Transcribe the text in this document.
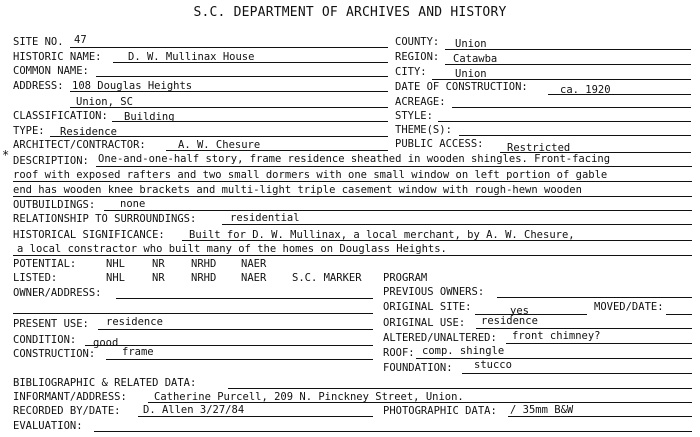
S.C. DEPARTMENT OF ARCHIVES AND HISTORY
SITE NO. 47
HISTORIC NAME:	D. W. Mullinax House
COMMON NAME:
ADDRESS: 108 Douglas Heights
Union, SC
CLASSIFICATION: Building
TYPE: Residence
ARCHITECT/CONTRACTOR:	A. W. Chesure
COUNTY: Union
REGION: Catawba
CITY:	Union
DATE OF CONSTRUCTION:	ca. 1920
ACREAGE:
STYLE:
THEME(S):
PUBLIC ACCESS: Restricted
* DESCRIPTION: One-and-one-half story, frame residence sheathed in wooden shingles. Front-facing
roof with exposed rafters and two small dormers with one small window on left portion of gable
end has wooden knee brackets and multi-light triple casement window with rough-hewn wooden
OUTBUILDINGS: none
RELATIONSHIP TO SURROUNDINGS:	residential
HISTORICAL SIGNIFICANCE: Built for D. W. Mullinax, a local merchant, by A. W. Chesure,
a local constractor who built many of the homes on Douglass Heights.
POTENTIAL:	NHL	NR	NRHD NAER
LISTED:	NHL	NR	NRHD NAER S.C. MARKER PROGRAM
OWNER/ADDRESS:	PREVIOUS OWNERS:
ORIGINAL SITE:	yes	MOVED/DATE:
PRESENT USE: residence	ORIGINAL USE: residence
CONDITION: good	ALTERED/UNALTERED: front chimney?
CONSTRUCTION:	frame	ROOF: comp. shingle
FOUNDATION: stucco
BIBLIOGRAPHIC & RELATED DATA:
INFORMANT/ADDRESS:	Catherine Purcell, 209 N. Pinckney Street, Union.
RECORDED BY/DATE: D. Allen 3/27/84	PHOTOGRAPHIC DATA: / 35mm B&W
EVALUATION:
